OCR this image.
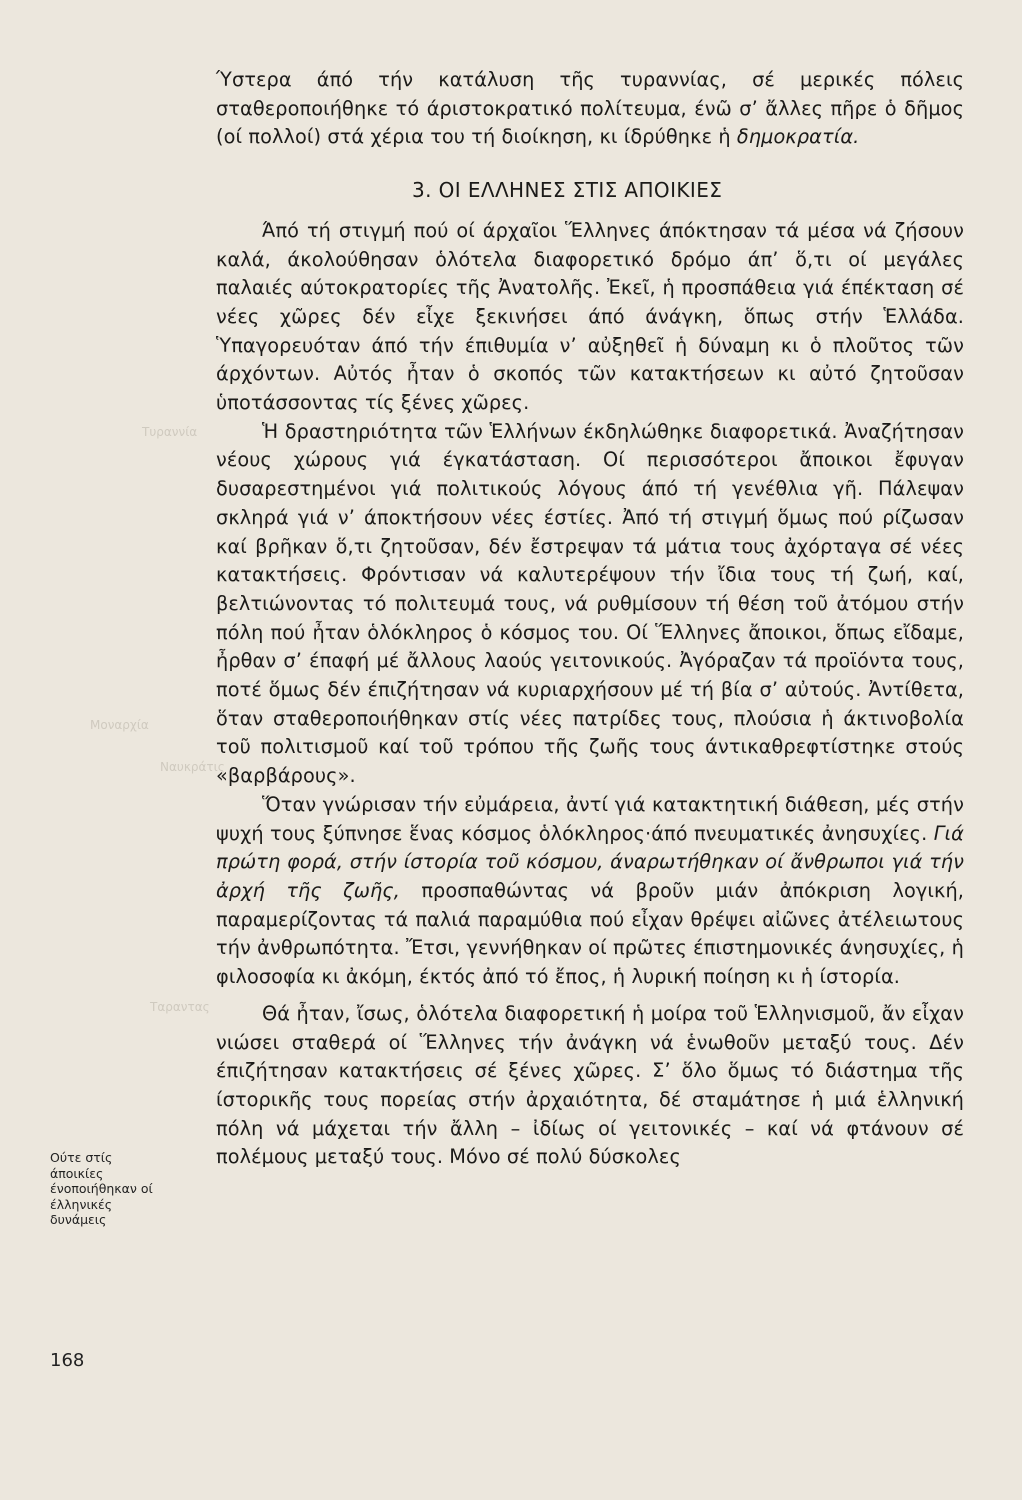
Τυραννία
Μοναρχία
Ναυκράτις
Ταραντας

Ύστερα άπό τήν κατάλυση τῆς τυραννίας, σέ μερικές πόλεις σταθεροποιήθηκε τό άριστοκρατικό πολίτευμα, ένῶ σ’ ἄλλες πῆρε ὁ δῆμος (οί πολλοί) στά χέρια του τή διοίκηση, κι ίδρύθηκε ἡ δημοκρατία.

3. ΟΙ ΕΛΛΗΝΕΣ ΣΤΙΣ ΑΠΟΙΚΙΕΣ

Άπό τή στιγμή πού οί άρχαῖοι Ἕλληνες άπόκτησαν τά μέσα νά ζήσουν καλά, άκολούθησαν ὁλότελα διαφορετικό δρόμο άπ’ ὅ,τι οί μεγάλες παλαιές αύτοκρατορίες τῆς Ἀνατολῆς. Ἐκεῖ, ἡ προσπάθεια γιά έπέκταση σέ νέες χῶρες δέν εἶχε ξεκινήσει άπό άνάγκη, ὅπως στήν Ἑλλάδα. Ὑπαγορευόταν άπό τήν έπιθυμία ν’ αὐξηθεῖ ἡ δύναμη κι ὁ πλοῦτος τῶν άρχόντων. Αὐτός ἦταν ὁ σκοπός τῶν κατακτήσεων κι αὐτό ζητοῦσαν ὑποτάσσοντας τίς ξένες χῶρες.

Ἡ δραστηριότητα τῶν Ἑλλήνων έκδηλώθηκε διαφορετικά. Ἀναζήτησαν νέους χώρους γιά έγκατάσταση. Οί περισσότεροι ἄποικοι ἔφυγαν δυσαρεστημένοι γιά πολιτικούς λόγους άπό τή γενέθλια γῆ. Πάλεψαν σκληρά γιά ν’ άποκτήσουν νέες έστίες. Ἀπό τή στιγμή ὅμως πού ρίζωσαν καί βρῆκαν ὅ,τι ζητοῦσαν, δέν ἔστρεψαν τά μάτια τους ἀχόρταγα σέ νέες κατακτήσεις. Φρόντισαν νά καλυτερέψουν τήν ἴδια τους τή ζωή, καί, βελτιώνοντας τό πολιτευμά τους, νά ρυθμίσουν τή θέση τοῦ ἀτόμου στήν πόλη πού ἦταν ὁλόκληρος ὁ κόσμος του. Οί Ἕλληνες ἄποικοι, ὅπως εἴδαμε, ἦρθαν σ’ έπαφή μέ ἄλλους λαούς γειτονικούς. Ἀγόραζαν τά προϊόντα τους, ποτέ ὅμως δέν έπιζήτησαν νά κυριαρχήσουν μέ τή βία σ’ αὐτούς. Ἀντίθετα, ὅταν σταθεροποιήθηκαν στίς νέες πατρίδες τους, πλούσια ἡ άκτινοβολία τοῦ πολιτισμοῦ καί τοῦ τρόπου τῆς ζωῆς τους άντικαθρεφτίστηκε στούς «βαρβάρους».

Ὅταν γνώρισαν τήν εὐμάρεια, ἀντί γιά κατακτητική διάθεση, μές στήν ψυχή τους ξύπνησε ἕνας κόσμος ὁλόκληρος·άπό πνευματικές ἀνησυχίες. Γιά πρώτη φορά, στήν ίστορία τοῦ κόσμου, άναρωτήθηκαν οί ἄνθρωποι γιά τήν ἀρχή τῆς ζωῆς, προσπαθώντας νά βροῦν μιάν ἀπόκριση λογική, παραμερίζοντας τά παλιά παραμύθια πού εἶχαν θρέψει αἰῶνες ἀτέλειωτους τήν ἀνθρωπότητα. Ἔτσι, γεννήθηκαν οί πρῶτες έπιστημονικές άνησυχίες, ἡ φιλοσοφία κι ἀκόμη, έκτός ἀπό τό ἔπος, ἡ λυρική ποίηση κι ἡ ίστορία.

Θά ἦταν, ἴσως, ὁλότελα διαφορετική ἡ μοίρα τοῦ Ἑλληνισμοῦ, ἄν εἶχαν νιώσει σταθερά οί Ἕλληνες τήν ἀνάγκη νά ἑνωθοῦν μεταξύ τους. Δέν έπιζήτησαν κατακτήσεις σέ ξένες χῶρες. Σ’ ὅλο ὅμως τό διάστημα τῆς ίστορικῆς τους πορείας στήν ἀρχαιότητα, δέ σταμάτησε ἡ μιά ἑλληνική πόλη νά μάχεται τήν ἄλλη – ἰδίως οί γειτονικές – καί νά φτάνουν σέ πολέμους μεταξύ τους. Μόνο σέ πολύ δύσκολες

Ούτε στίς
άποικίες
ένοποιήθηκαν οί
έλληνικές
δυνάμεις
168
